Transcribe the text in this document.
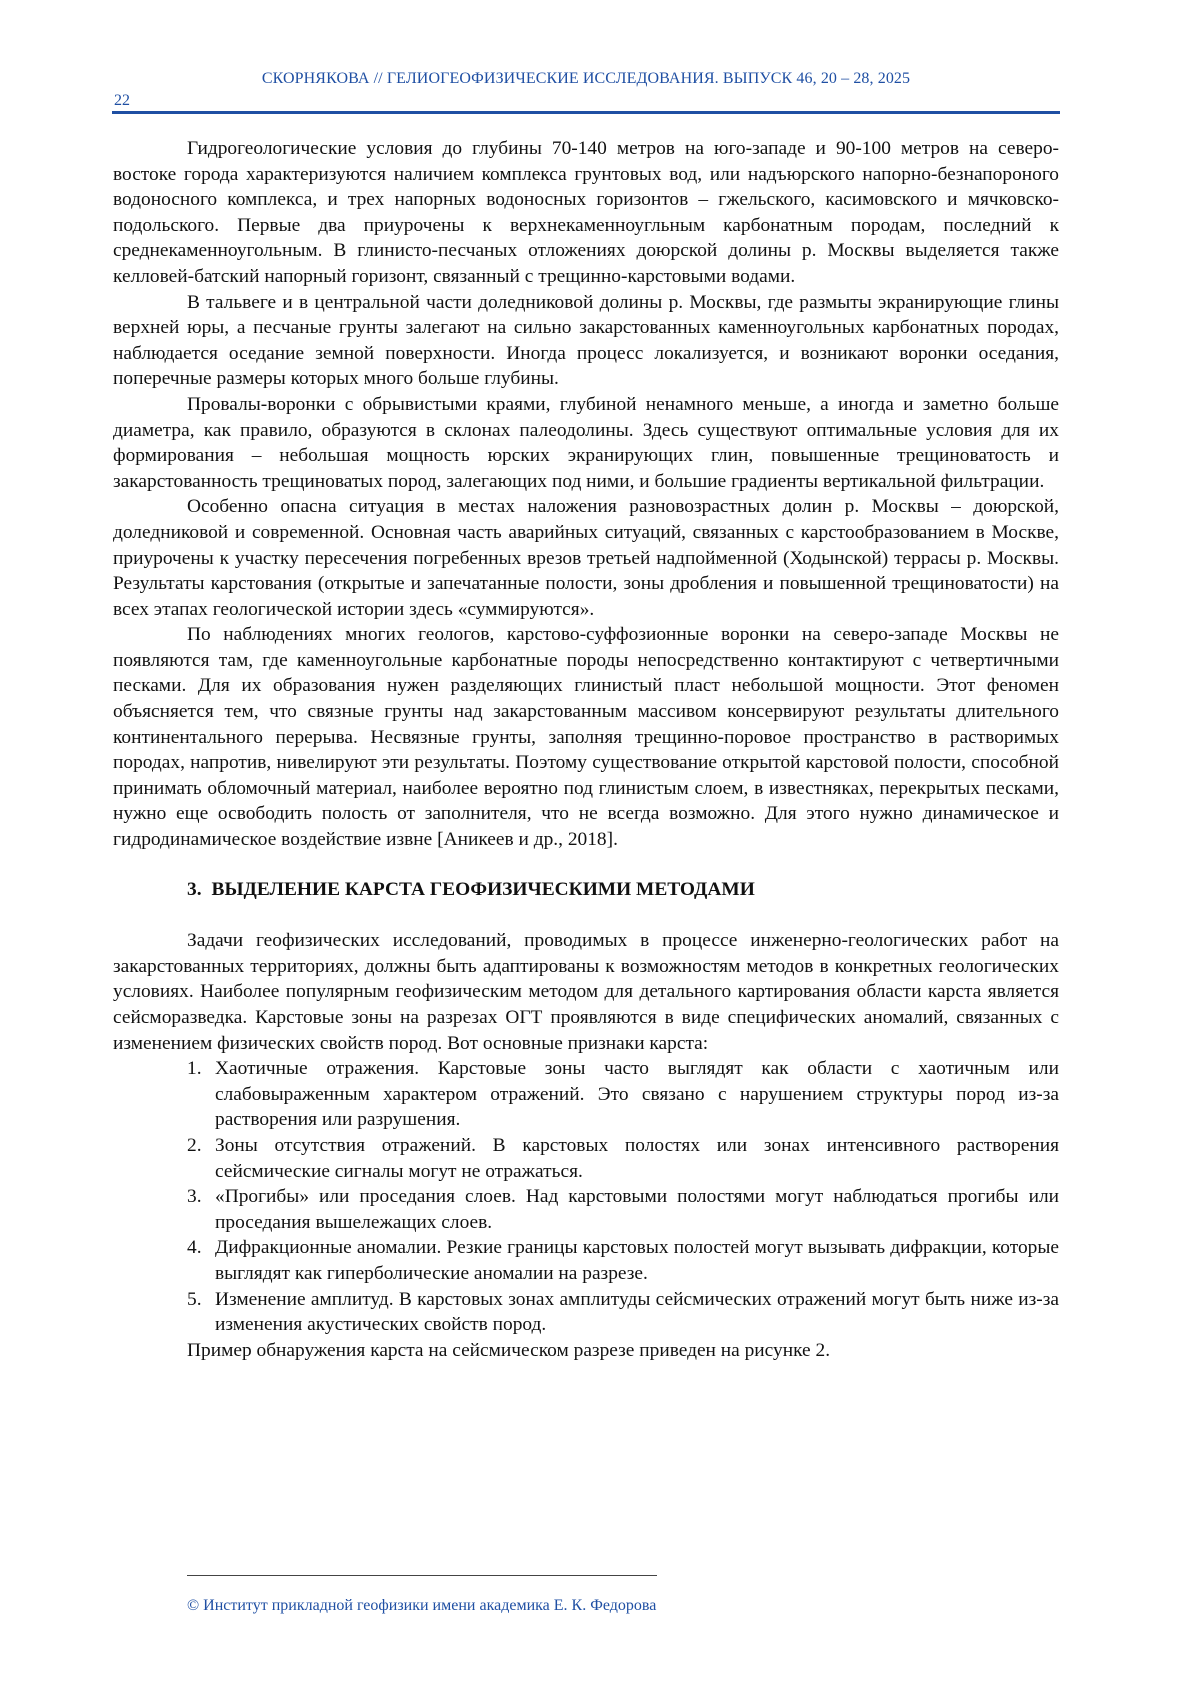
СКОРНЯКОВА // ГЕЛИОГЕОФИЗИЧЕСКИЕ ИССЛЕДОВАНИЯ. ВЫПУСК 46, 20 – 28, 2025
22

Гидрогеологические условия до глубины 70-140 метров на юго-западе и 90-100 метров на северо-востоке города характеризуются наличием комплекса грунтовых вод, или надъюрского напорно-безнапороного водоносного комплекса, и трех напорных водоносных горизонтов – гжельского, касимовского и мячковско-подольского. Первые два приурочены к верхнекаменноугльным карбонатным породам, последний к среднекаменноугольным. В глинисто-песчаных отложениях доюрской долины р. Москвы выделяется также келловей-батский напорный горизонт, связанный с трещинно-карстовыми водами.

В тальвеге и в центральной части доледниковой долины р. Москвы, где размыты экранирующие глины верхней юры, а песчаные грунты залегают на сильно закарстованных каменноугольных карбонатных породах, наблюдается оседание земной поверхности. Иногда процесс локализуется, и возникают воронки оседания, поперечные размеры которых много больше глубины.

Провалы-воронки с обрывистыми краями, глубиной ненамного меньше, а иногда и заметно больше диаметра, как правило, образуются в склонах палеодолины. Здесь существуют оптимальные условия для их формирования – небольшая мощность юрских экранирующих глин, повышенные трещиноватость и закарстованность трещиноватых пород, залегающих под ними, и большие градиенты вертикальной фильтрации.

Особенно опасна ситуация в местах наложения разновозрастных долин р. Москвы – доюрской, доледниковой и современной. Основная часть аварийных ситуаций, связанных с карстообразованием в Москве, приурочены к участку пересечения погребенных врезов третьей надпойменной (Ходынской) террасы р. Москвы. Результаты карстования (открытые и запечатанные полости, зоны дробления и повышенной трещиноватости) на всех этапах геологической истории здесь «суммируются».

По наблюдениях многих геологов, карстово-суффозионные воронки на северо-западе Москвы не появляются там, где каменноугольные карбонатные породы непосредственно контактируют с четвертичными песками. Для их образования нужен разделяющих глинистый пласт небольшой мощности. Этот феномен объясняется тем, что связные грунты над закарстованным массивом консервируют результаты длительного континентального перерыва. Несвязные грунты, заполняя трещинно-поровое пространство в растворимых породах, напротив, нивелируют эти результаты. Поэтому существование открытой карстовой полости, способной принимать обломочный материал, наиболее вероятно под глинистым слоем, в известняках, перекрытых песками, нужно еще освободить полость от заполнителя, что не всегда возможно. Для этого нужно динамическое и гидродинамическое воздействие извне [Аникеев и др., 2018].

3. ВЫДЕЛЕНИЕ КАРСТА ГЕОФИЗИЧЕСКИМИ МЕТОДАМИ

Задачи геофизических исследований, проводимых в процессе инженерно-геологических работ на закарстованных территориях, должны быть адаптированы к возможностям методов в конкретных геологических условиях. Наиболее популярным геофизическим методом для детального картирования области карста является сейсморазведка. Карстовые зоны на разрезах ОГТ проявляются в виде специфических аномалий, связанных с изменением физических свойств пород. Вот основные признаки карста:

1. Хаотичные отражения. Карстовые зоны часто выглядят как области с хаотичным или слабовыраженным характером отражений. Это связано с нарушением структуры пород из-за растворения или разрушения.
2. Зоны отсутствия отражений. В карстовых полостях или зонах интенсивного растворения сейсмические сигналы могут не отражаться.
3. «Прогибы» или проседания слоев. Над карстовыми полостями могут наблюдаться прогибы или проседания вышележащих слоев.
4. Дифракционные аномалии. Резкие границы карстовых полостей могут вызывать дифракции, которые выглядят как гиперболические аномалии на разрезе.
5. Изменение амплитуд. В карстовых зонах амплитуды сейсмических отражений могут быть ниже из-за изменения акустических свойств пород.

Пример обнаружения карста на сейсмическом разрезе приведен на рисунке 2.

© Институт прикладной геофизики имени академика Е. К. Федорова
